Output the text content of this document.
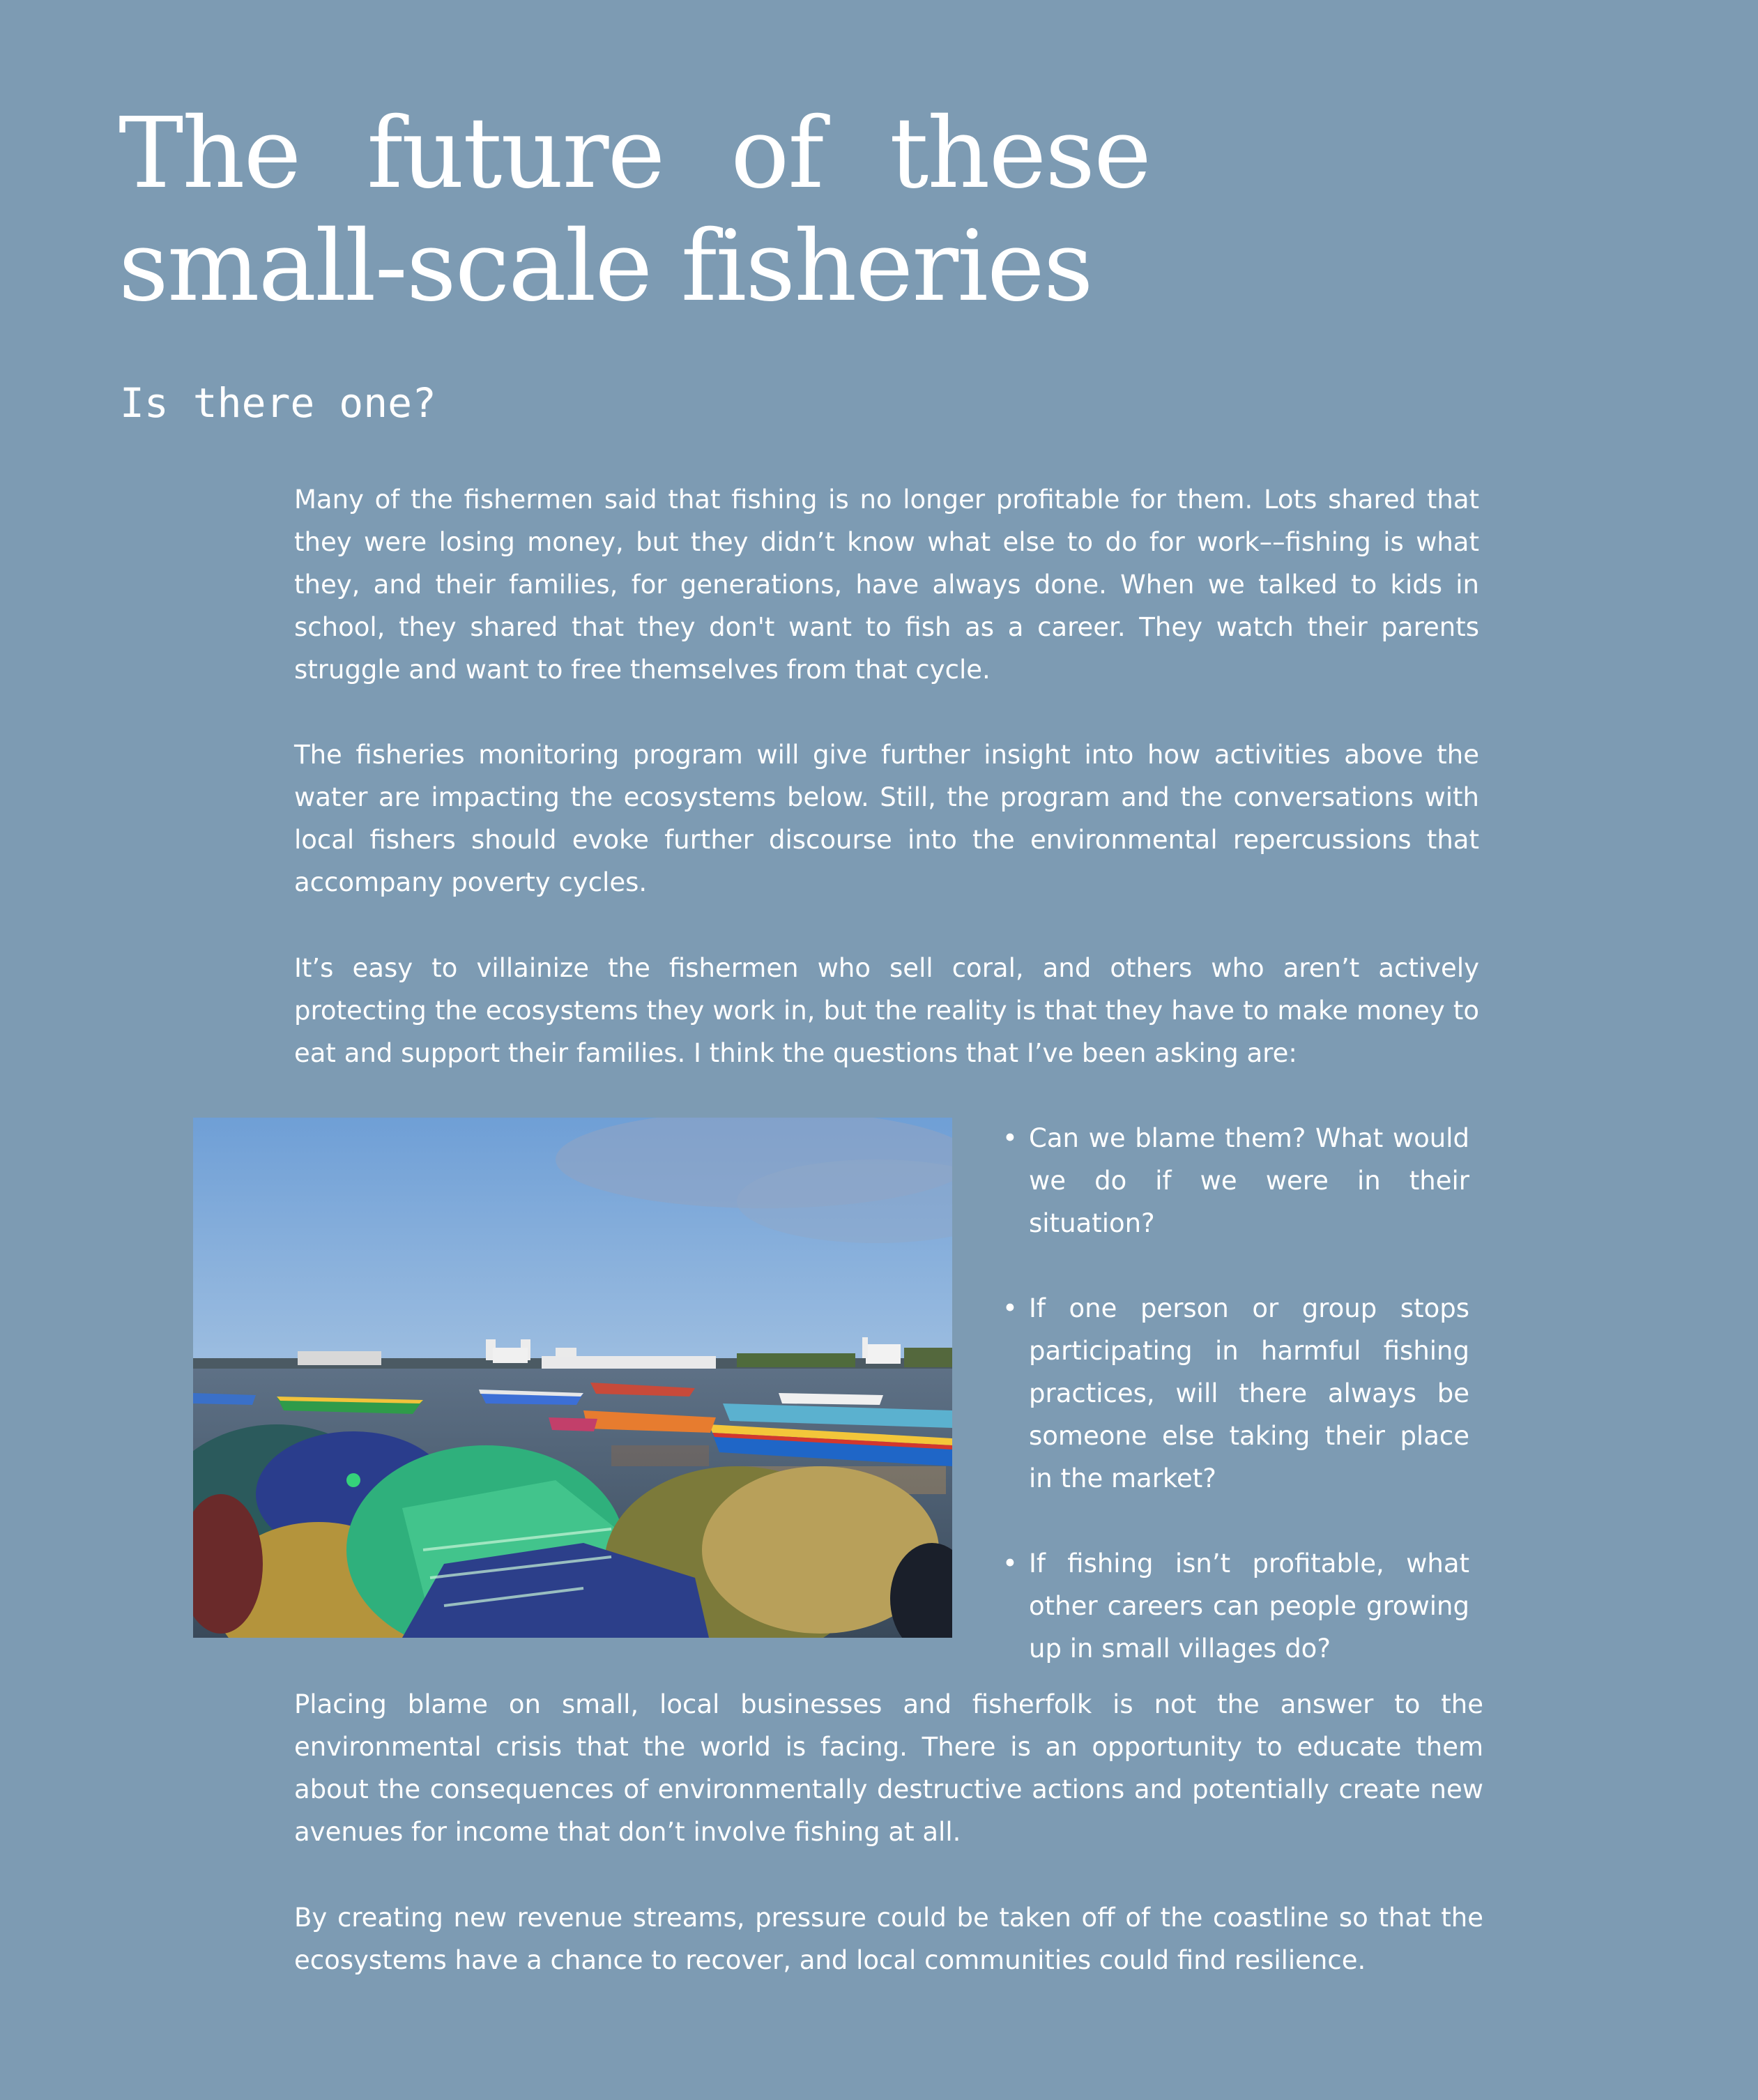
The future of these
small-scale fisheries
Is there one?

Many of the fishermen said that fishing is no longer profitable for them. Lots shared that they were losing money, but they didn’t know what else to do for work––fishing is what they, and their families, for generations, have always done. When we talked to kids in school, they shared that they don't want to fish as a career. They watch their parents struggle and want to free themselves from that cycle.

The fisheries monitoring program will give further insight into how activities above the water are impacting the ecosystems below. Still, the program and the conversations with local fishers should evoke further discourse into the environmental repercussions that accompany poverty cycles.

It’s easy to villainize the fishermen who sell coral, and others who aren’t actively protecting the ecosystems they work in, but the reality is that they have to make money to eat and support their families. I think the questions that I’ve been asking are:

• Can we blame them? What would we do if we were in their situation?
• If one person or group stops participating in harmful fishing practices, will there always be someone else taking their place in the market?
• If fishing isn’t profitable, what other careers can people growing up in small villages do?

Placing blame on small, local businesses and fisherfolk is not the answer to the environmental crisis that the world is facing. There is an opportunity to educate them about the consequences of environmentally destructive actions and potentially create new avenues for income that don’t involve fishing at all.

By creating new revenue streams, pressure could be taken off of the coastline so that the ecosystems have a chance to recover, and local communities could find resilience.
